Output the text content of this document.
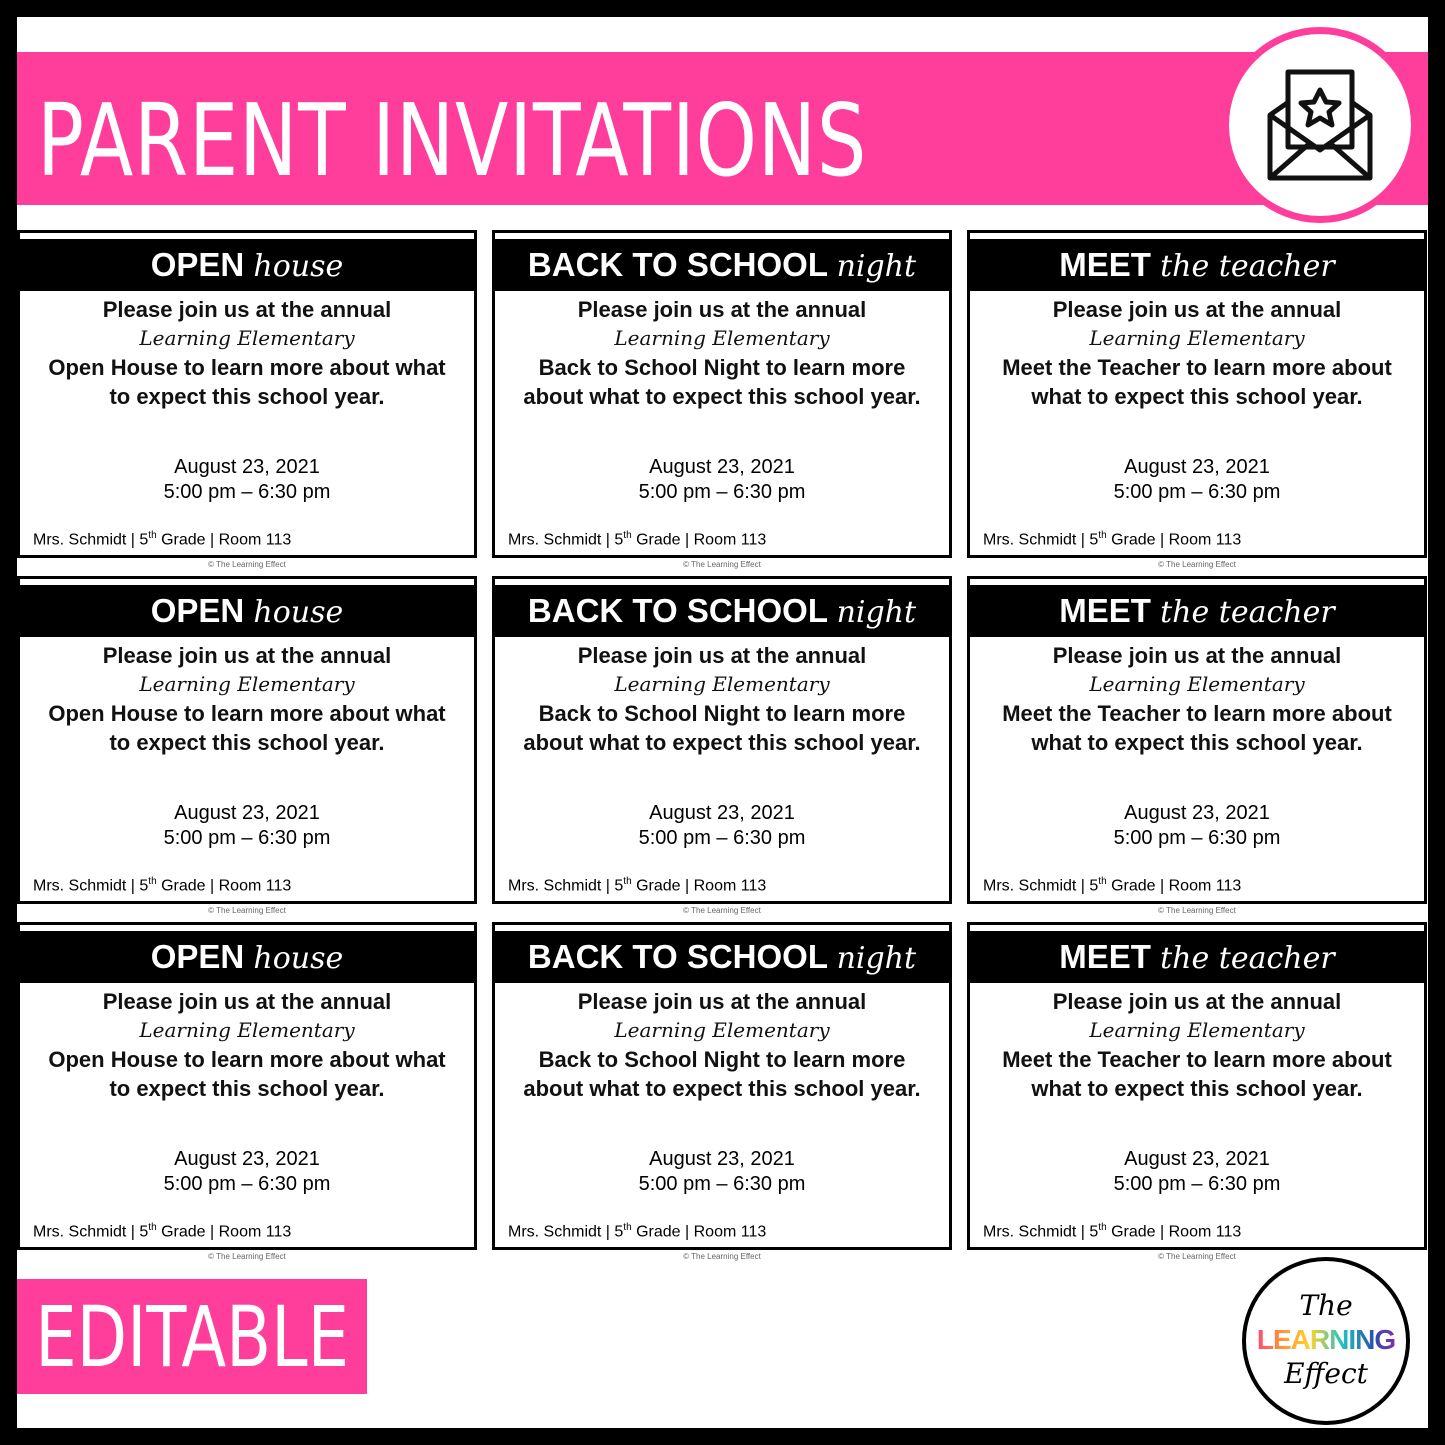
PARENT INVITATIONS
OPEN house
Please join us at the annual
Learning Elementary
Open House to learn more about what to expect this school year.
August 23, 2021
5:00 pm – 6:30 pm
Mrs. Schmidt | 5th Grade | Room 113
© The Learning Effect
BACK TO SCHOOL night
Please join us at the annual
Learning Elementary
Back to School Night to learn more about what to expect this school year.
August 23, 2021
5:00 pm – 6:30 pm
Mrs. Schmidt | 5th Grade | Room 113
© The Learning Effect
MEET the teacher
Please join us at the annual
Learning Elementary
Meet the Teacher to learn more about what to expect this school year.
August 23, 2021
5:00 pm – 6:30 pm
Mrs. Schmidt | 5th Grade | Room 113
© The Learning Effect
OPEN house
Please join us at the annual
Learning Elementary
Open House to learn more about what to expect this school year.
August 23, 2021
5:00 pm – 6:30 pm
Mrs. Schmidt | 5th Grade | Room 113
© The Learning Effect
BACK TO SCHOOL night
Please join us at the annual
Learning Elementary
Back to School Night to learn more about what to expect this school year.
August 23, 2021
5:00 pm – 6:30 pm
Mrs. Schmidt | 5th Grade | Room 113
© The Learning Effect
MEET the teacher
Please join us at the annual
Learning Elementary
Meet the Teacher to learn more about what to expect this school year.
August 23, 2021
5:00 pm – 6:30 pm
Mrs. Schmidt | 5th Grade | Room 113
© The Learning Effect
OPEN house
Please join us at the annual
Learning Elementary
Open House to learn more about what to expect this school year.
August 23, 2021
5:00 pm – 6:30 pm
Mrs. Schmidt | 5th Grade | Room 113
© The Learning Effect
BACK TO SCHOOL night
Please join us at the annual
Learning Elementary
Back to School Night to learn more about what to expect this school year.
August 23, 2021
5:00 pm – 6:30 pm
Mrs. Schmidt | 5th Grade | Room 113
© The Learning Effect
MEET the teacher
Please join us at the annual
Learning Elementary
Meet the Teacher to learn more about what to expect this school year.
August 23, 2021
5:00 pm – 6:30 pm
Mrs. Schmidt | 5th Grade | Room 113
© The Learning Effect
EDITABLE	The
LEARNING
Effect
